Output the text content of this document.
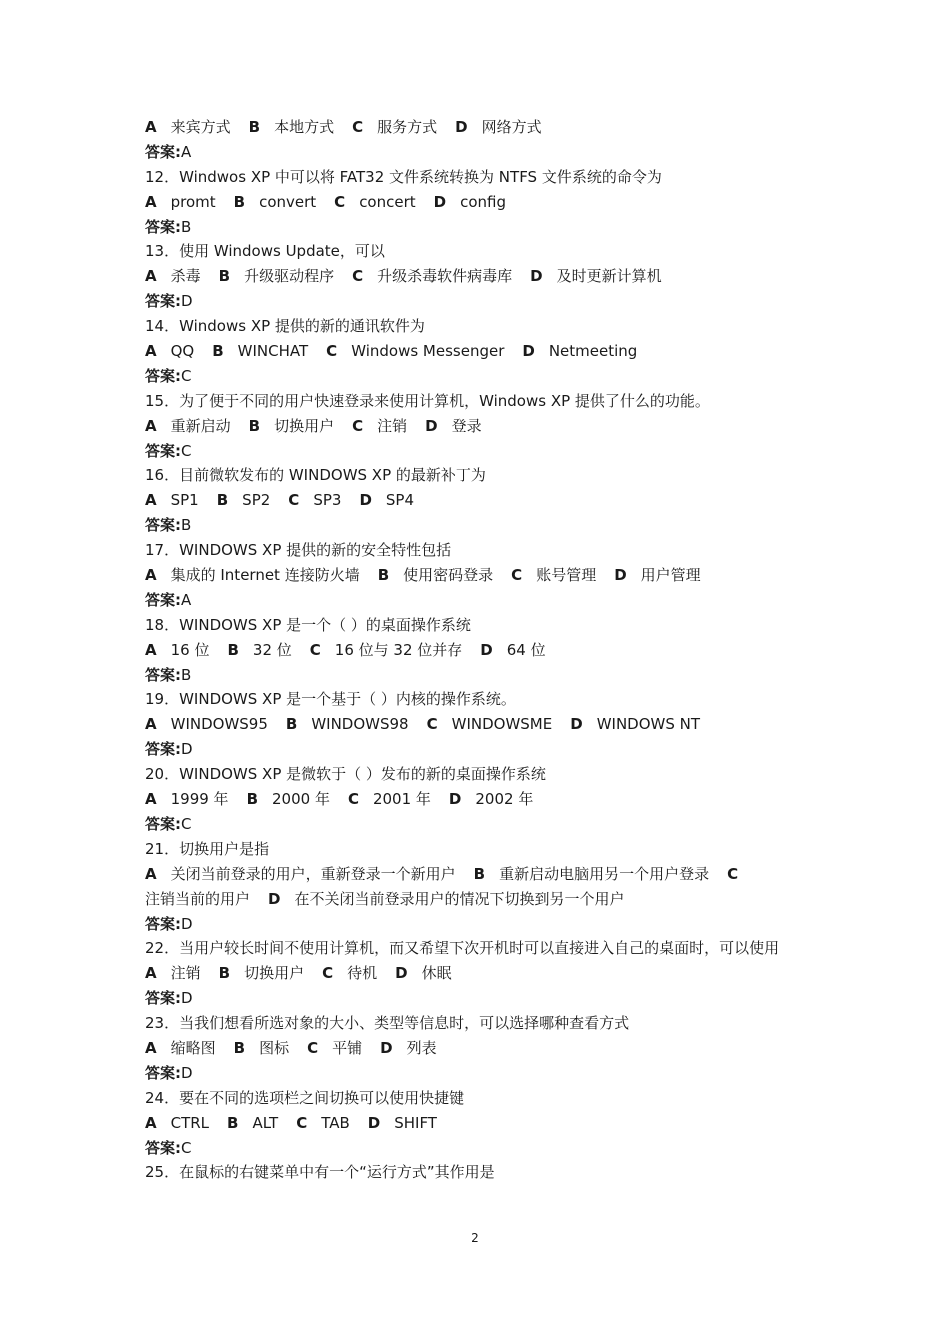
A 来宾方式 B 本地方式 C 服务方式 D 网络方式
答案:A
12．Windwos XP 中可以将 FAT32 文件系统转换为 NTFS 文件系统的命令为
A promt B convert C concert D config
答案:B
13．使用 Windows Update，可以
A 杀毒 B 升级驱动程序 C 升级杀毒软件病毒库 D 及时更新计算机
答案:D
14．Windows XP 提供的新的通讯软件为
A QQ B WINCHAT C Windows Messenger D Netmeeting
答案:C
15．为了便于不同的用户快速登录来使用计算机，Windows XP 提供了什么的功能。
A 重新启动 B 切换用户 C 注销 D 登录
答案:C
16．目前微软发布的 WINDOWS XP 的最新补丁为
A SP1 B SP2 C SP3 D SP4
答案:B
17．WINDOWS XP 提供的新的安全特性包括
A 集成的 Internet 连接防火墙 B 使用密码登录 C 账号管理 D 用户管理
答案:A
18．WINDOWS XP 是一个（ ）的桌面操作系统
A 16 位 B 32 位 C 16 位与 32 位并存 D 64 位
答案:B
19．WINDOWS XP 是一个基于（ ）内核的操作系统。
A WINDOWS95 B WINDOWS98 C WINDOWSME D WINDOWS NT
答案:D
20．WINDOWS XP 是微软于（ ）发布的新的桌面操作系统
A 1999 年 B 2000 年 C 2001 年 D 2002 年
答案:C
21．切换用户是指
A 关闭当前登录的用户，重新登录一个新用户 B 重新启动电脑用另一个用户登录 C注销当前的用户 D 在不关闭当前登录用户的情况下切换到另一个用户
答案:D
22．当用户较长时间不使用计算机，而又希望下次开机时可以直接进入自己的桌面时，可以使用
A 注销 B 切换用户 C 待机 D 休眠
答案:D
23．当我们想看所选对象的大小、类型等信息时，可以选择哪种查看方式
A 缩略图 B 图标 C 平铺 D 列表
答案:D
24．要在不同的选项栏之间切换可以使用快捷键
A CTRL B ALT C TAB D SHIFT
答案:C
25．在鼠标的右键菜单中有一个“运行方式”其作用是
2
